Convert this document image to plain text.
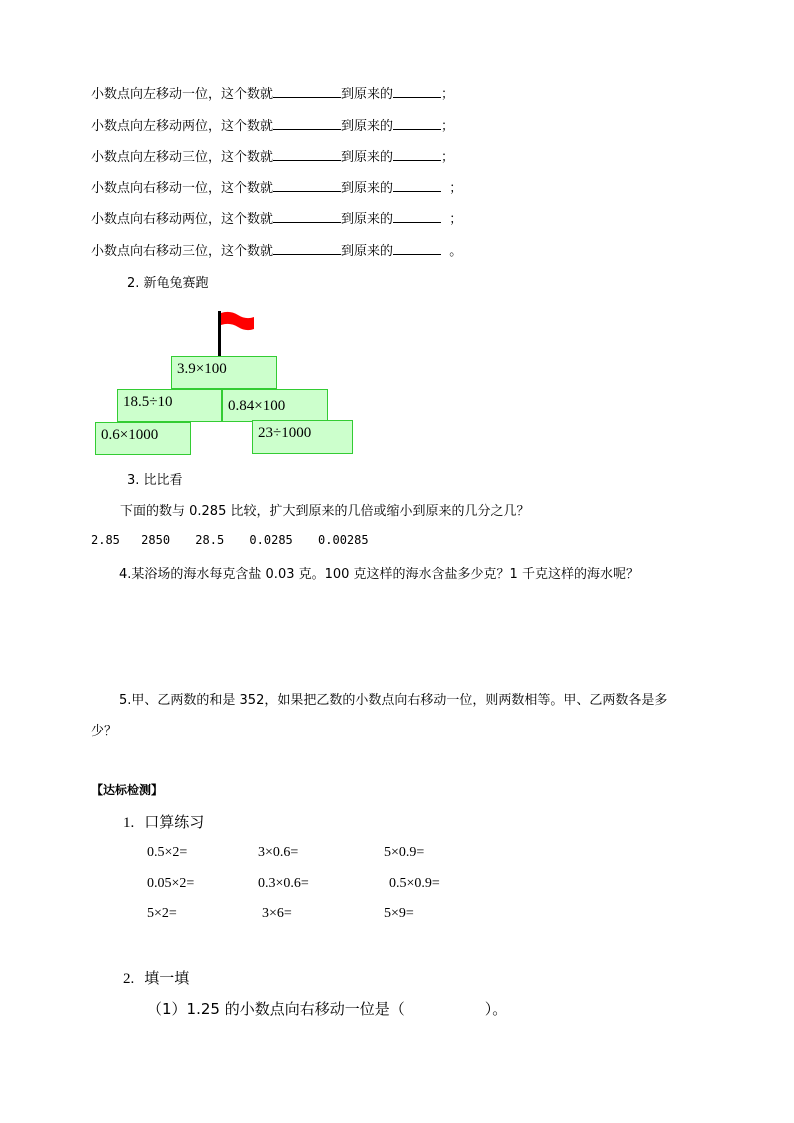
小数点向左移动一位，这个数就	到原来的	；
小数点向左移动两位，这个数就	到原来的	；
小数点向左移动三位，这个数就	到原来的	；
小数点向右移动一位，这个数就	到原来的	；
小数点向右移动两位，这个数就	到原来的	；
小数点向右移动三位，这个数就	到原来的	。
2. 新龟兔赛跑
3.9×100
18.5÷10	0.84×100
0.6×1000	23÷1000
3. 比比看
下面的数与 0.285 比较，扩大到原来的几倍或缩小到原来的几分之几？
2.85 2850 28.5 0.0285 0.00285
4.某浴场的海水每克含盐 0.03 克。100 克这样的海水含盐多少克？1 千克这样的海水呢？
5.甲、乙两数的和是 352，如果把乙数的小数点向右移动一位，则两数相等。甲、乙两数各是多
少？
【达标检测】
1. 口算练习
0.5×2=	3×0.6=	5×0.9=
0.05×2=	0.3×0.6=	0.5×0.9=
5×2=	3×6=	5×9=
2. 填一填
（1）1.25 的小数点向右移动一位是（	）。
